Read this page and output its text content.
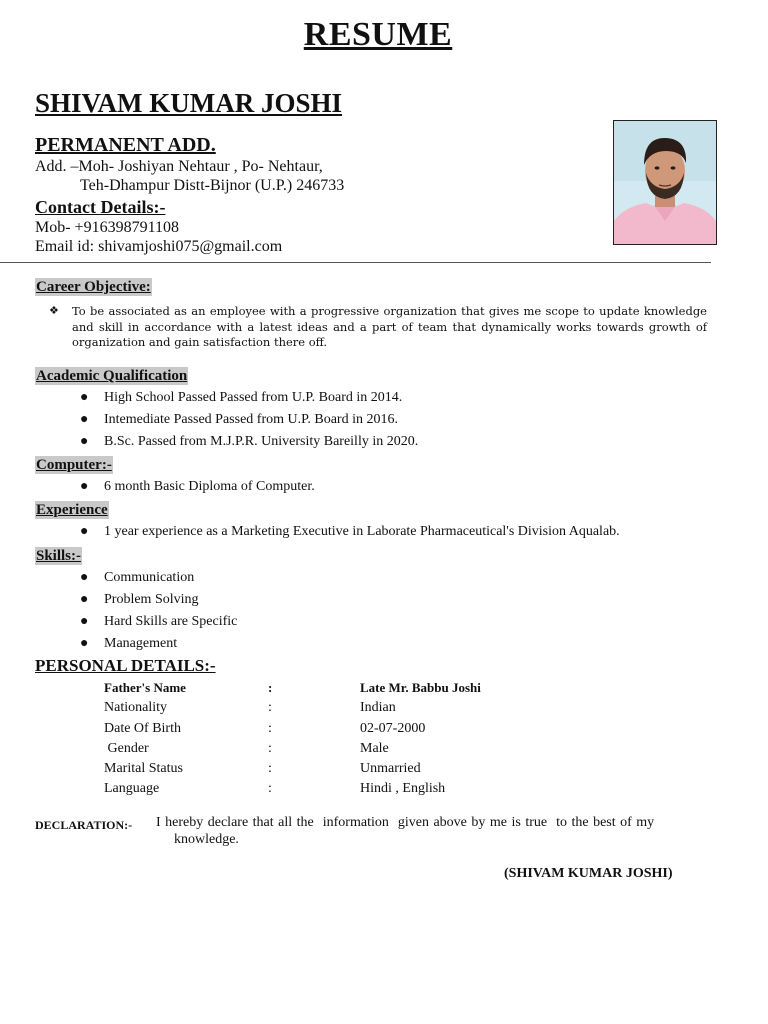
RESUME
SHIVAM KUMAR JOSHI
PERMANENT ADD.
Add. –Moh- Joshiyan Nehtaur , Po- Nehtaur,
Teh-Dhampur Distt-Bijnor (U.P.) 246733
Contact Details:-
Mob- +916398791108
Email id: shivamjoshi075@gmail.com
Career Objective:
❖ To be associated as an employee with a progressive organization that gives me scope to update knowledge and skill in accordance with a latest ideas and a part of team that dynamically works towards growth of organization and gain satisfaction there off.
Academic Qualification
● High School Passed Passed from U.P. Board in 2014.
● Intemediate Passed Passed from U.P. Board in 2016.
● B.Sc. Passed from M.J.P.R. University Bareilly in 2020.
Computer:-
● 6 month Basic Diploma of Computer.
Experience
● 1 year experience as a Marketing Executive in Laborate Pharmaceutical's Division Aqualab.
Skills:-
● Communication
● Problem Solving
● Hard Skills are Specific
● Management
PERSONAL DETAILS:-
Father's Name	:	Late Mr. Babbu Joshi
Nationality	:	Indian
Date Of Birth	:	02-07-2000
Gender	:	Male
Marital Status	:	Unmarried
Language	:	Hindi , English
DECLARATION:- I hereby declare that all the  information  given above by me is true  to the best of my
knowledge.
(SHIVAM KUMAR JOSHI)
